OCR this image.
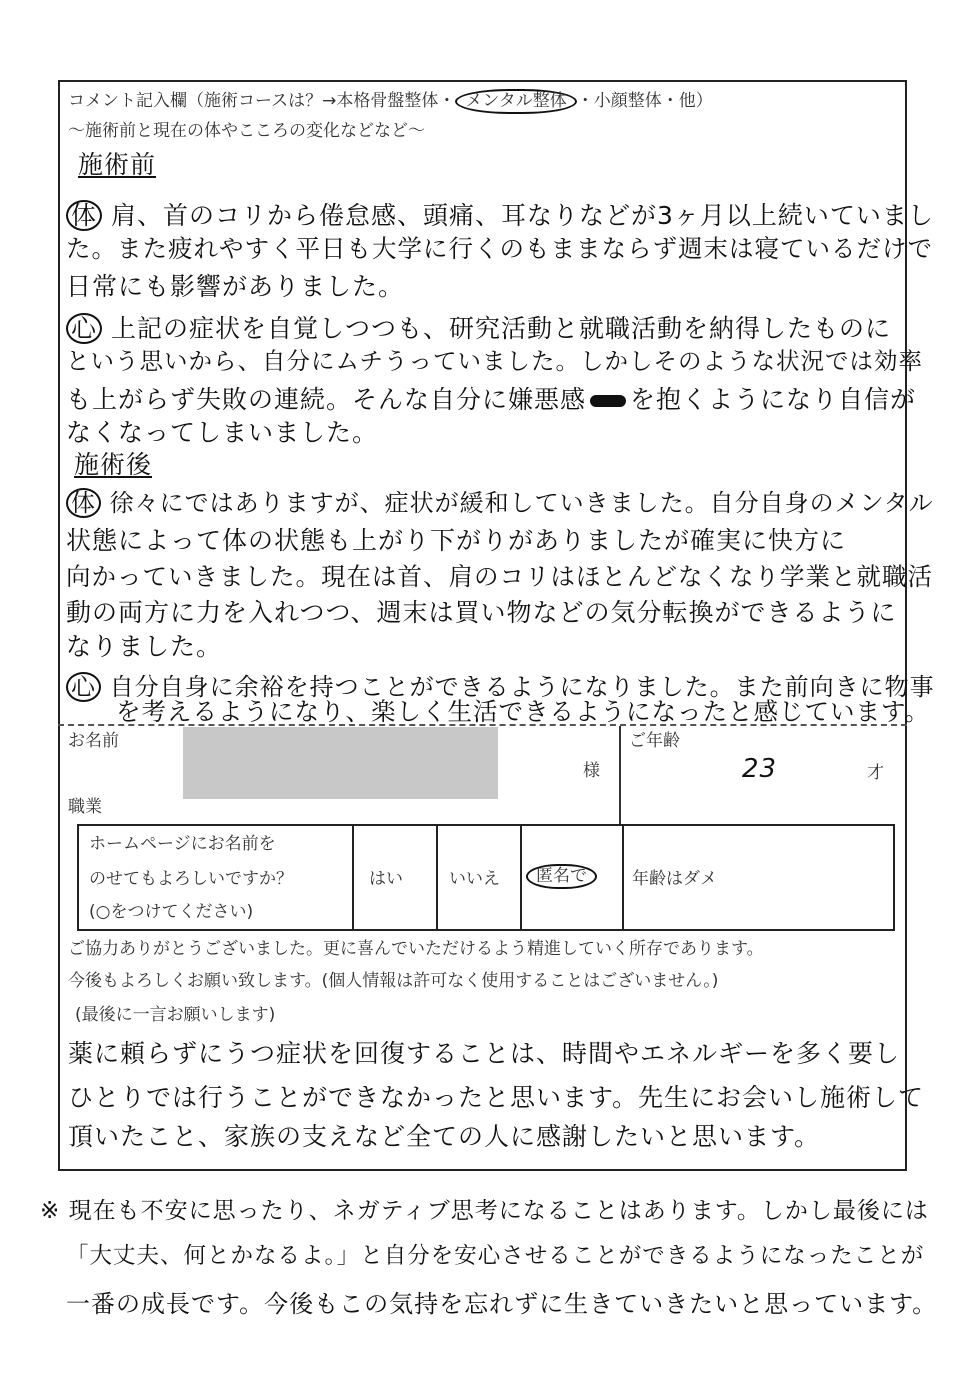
コメント記入欄（施術コースは？→本格骨盤整体・ メンタル整体 ・小顔整体・他）
～施術前と現在の体やこころの変化などなど～
施術前
体 肩、首のコリから倦怠感、頭痛、耳なりなどが3ヶ月以上続いていまし
た。また疲れやすく平日も大学に行くのもままならず週末は寝ているだけで
日常にも影響がありました。
心 上記の症状を自覚しつつも、研究活動と就職活動を納得したものに
という思いから、自分にムチうっていました。しかしそのような状況では効率
も上がらず失敗の連続。そんな自分に嫌悪感 を抱くようになり自信が
なくなってしまいました。
施術後
体 徐々にではありますが、症状が緩和していきました。自分自身のメンタル
状態によって体の状態も上がり下がりがありましたが確実に快方に
向かっていきました。現在は首、肩のコリはほとんどなくなり学業と就職活
動の両方に力を入れつつ、週末は買い物などの気分転換ができるように
なりました。
心 自分自身に余裕を持つことができるようになりました。また前向きに物事
を考えるようになり、楽しく生活できるようになったと感じています。
お名前
様
ご年齢
23	才
職業
ホームページにお名前を
のせてもよろしいですか？
(○をつけてください)
はい	いいえ	匿名で	年齢はダメ
ご協力ありがとうございました。更に喜んでいただけるよう精進していく所存であります。
今後もよろしくお願い致します。(個人情報は許可なく使用することはございません。)
(最後に一言お願いします)
薬に頼らずにうつ症状を回復することは、時間やエネルギーを多く要し
ひとりでは行うことができなかったと思います。先生にお会いし施術して
頂いたこと、家族の支えなど全ての人に感謝したいと思います。
※ 現在も不安に思ったり、ネガティブ思考になることはあります。しかし最後には
「大丈夫、何とかなるよ。」と自分を安心させることができるようになったことが
一番の成長です。今後もこの気持を忘れずに生きていきたいと思っています。
